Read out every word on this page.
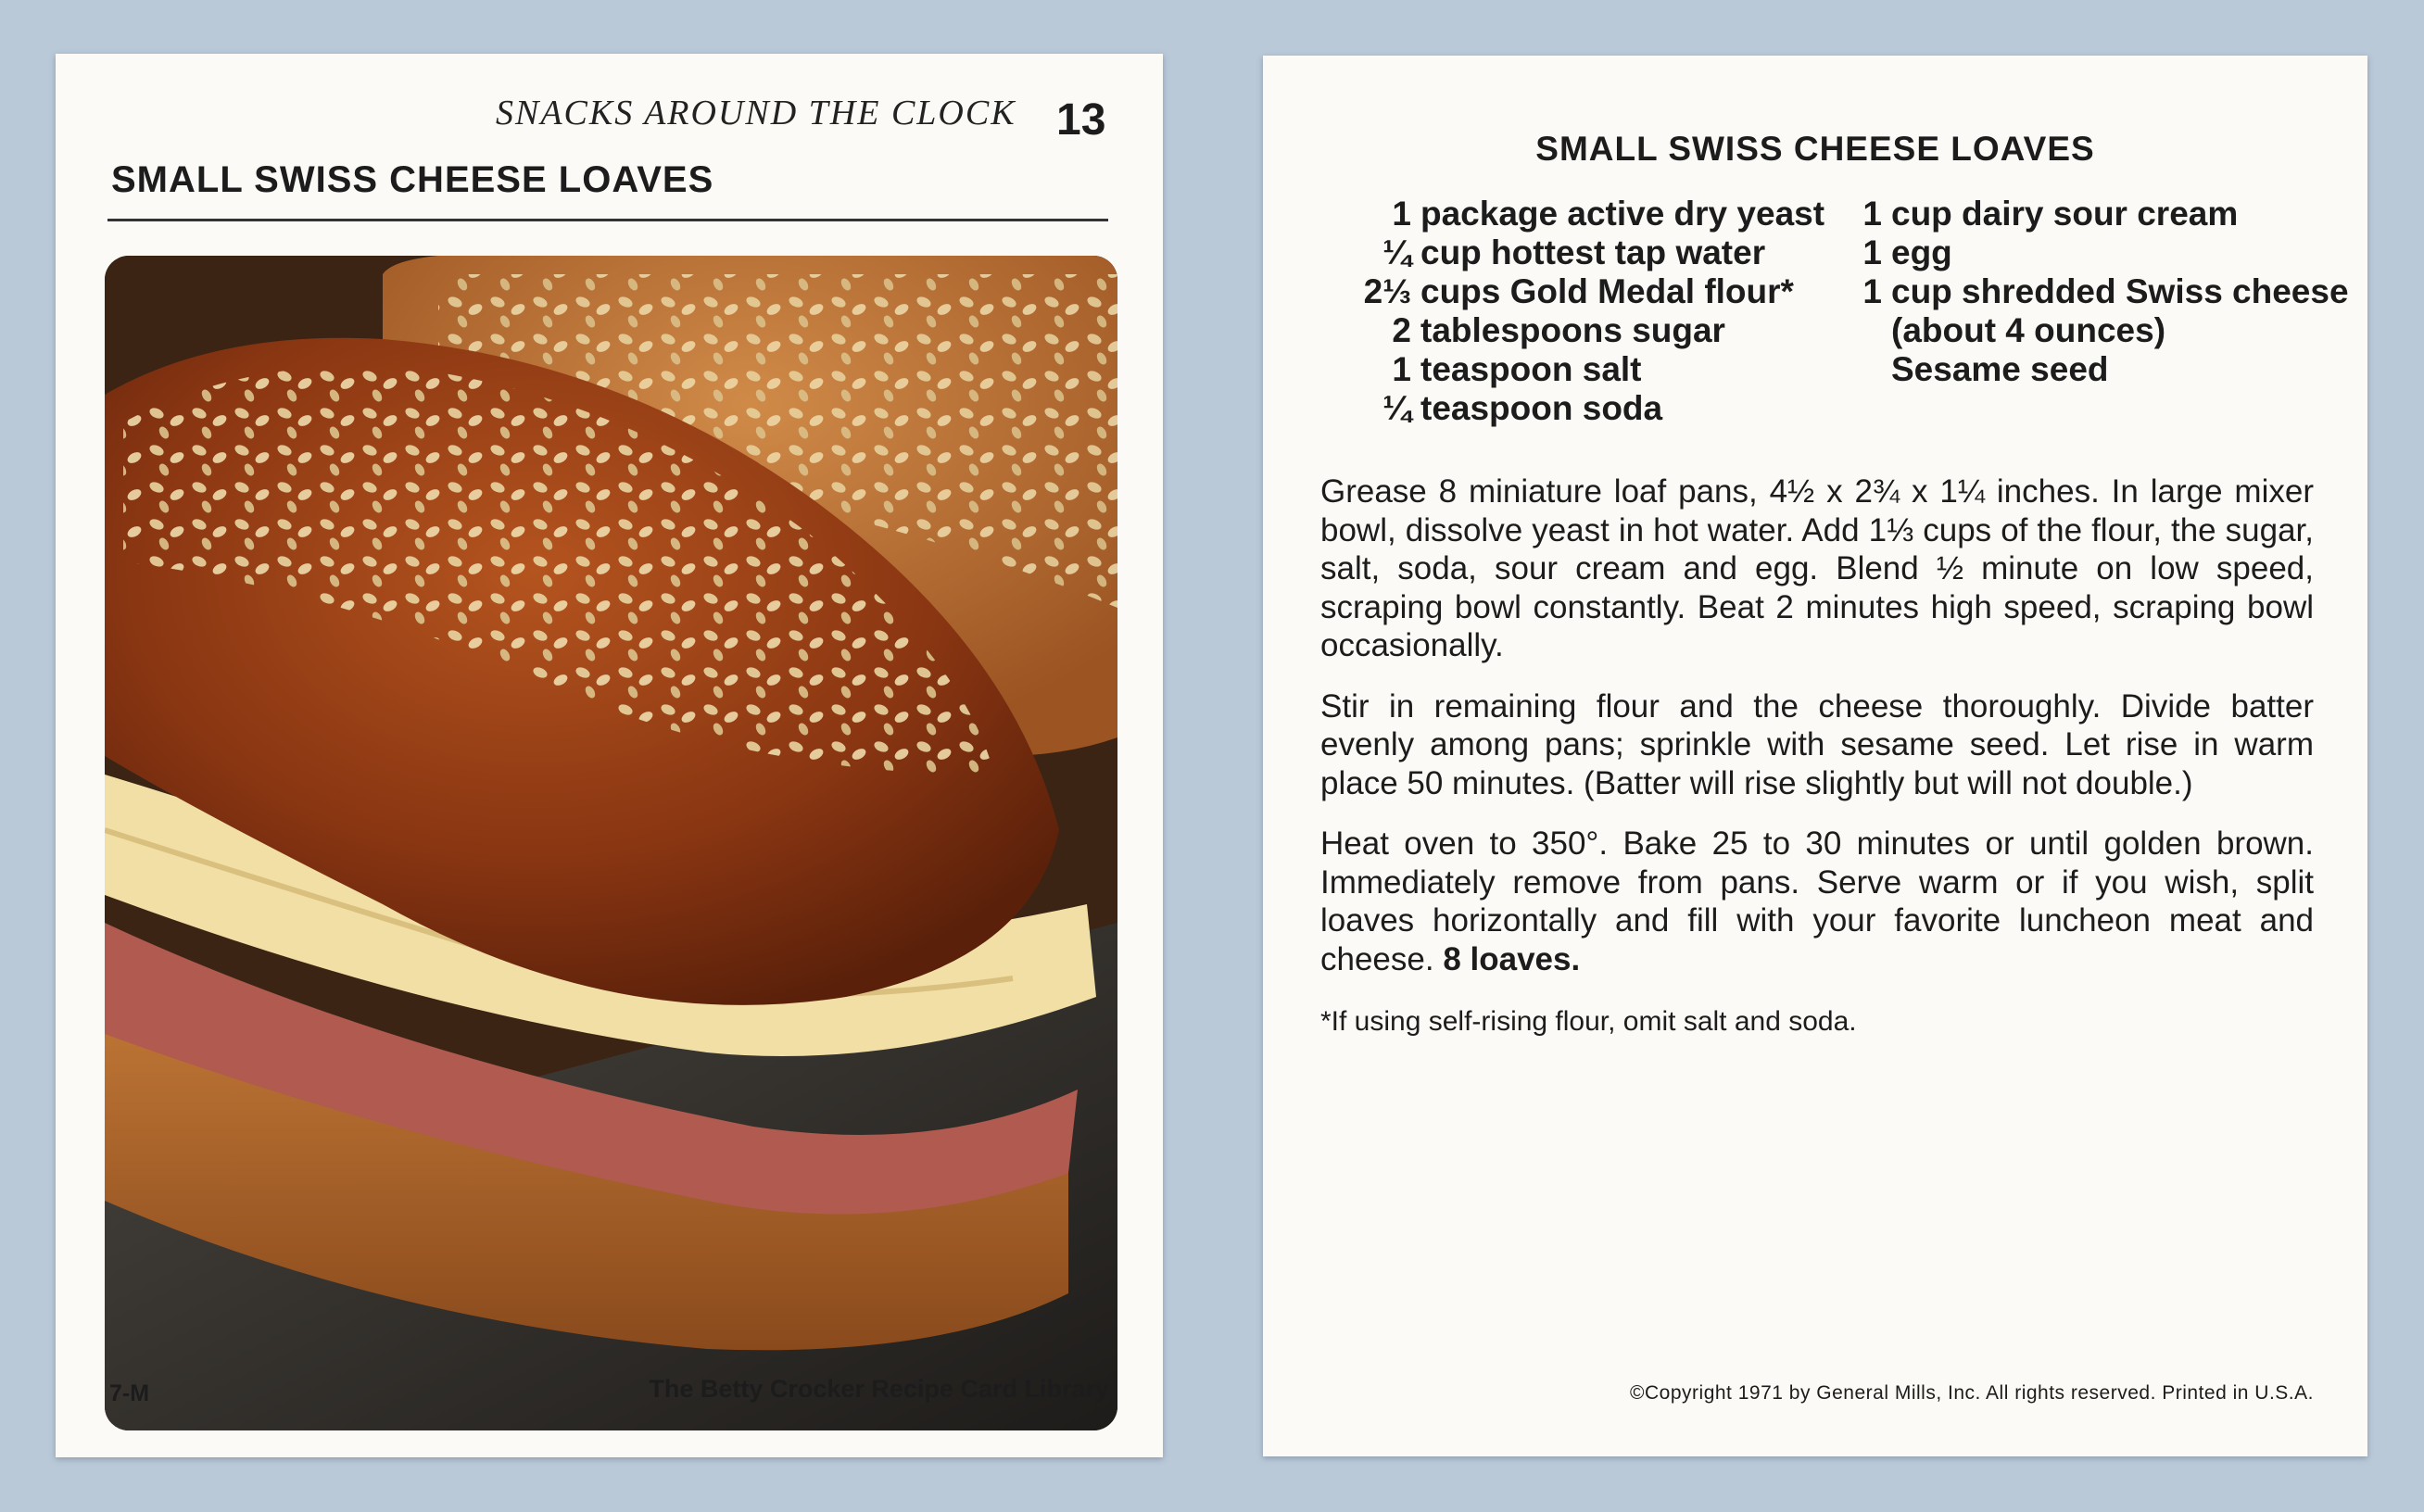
SNACKS AROUND THE CLOCK 13
SMALL SWISS CHEESE LOAVES
7-M	The Betty Crocker Recipe Card Library
SMALL SWISS CHEESE LOAVES
1 package active dry yeast
¼ cup hottest tap water
2⅓ cups Gold Medal flour*
2 tablespoons sugar
1 teaspoon salt
¼ teaspoon soda
1 cup dairy sour cream
1 egg
1 cup shredded Swiss cheese
(about 4 ounces)
Sesame seed

Grease 8 miniature loaf pans, 4½ x 2¾ x 1¼ inches. In large mixer bowl, dissolve yeast in hot water. Add 1⅓ cups of the flour, the sugar, salt, soda, sour cream and egg. Blend ½ minute on low speed, scraping bowl constantly. Beat 2 minutes high speed, scraping bowl occasionally.

Stir in remaining flour and the cheese thoroughly. Divide batter evenly among pans; sprinkle with sesame seed. Let rise in warm place 50 minutes. (Batter will rise slightly but will not double.)

Heat oven to 350°. Bake 25 to 30 minutes or until golden brown. Immediately remove from pans. Serve warm or if you wish, split loaves horizontally and fill with your favorite luncheon meat and cheese. 8 loaves.

*If using self-rising flour, omit salt and soda.
©Copyright 1971 by General Mills, Inc. All rights reserved. Printed in U.S.A.
